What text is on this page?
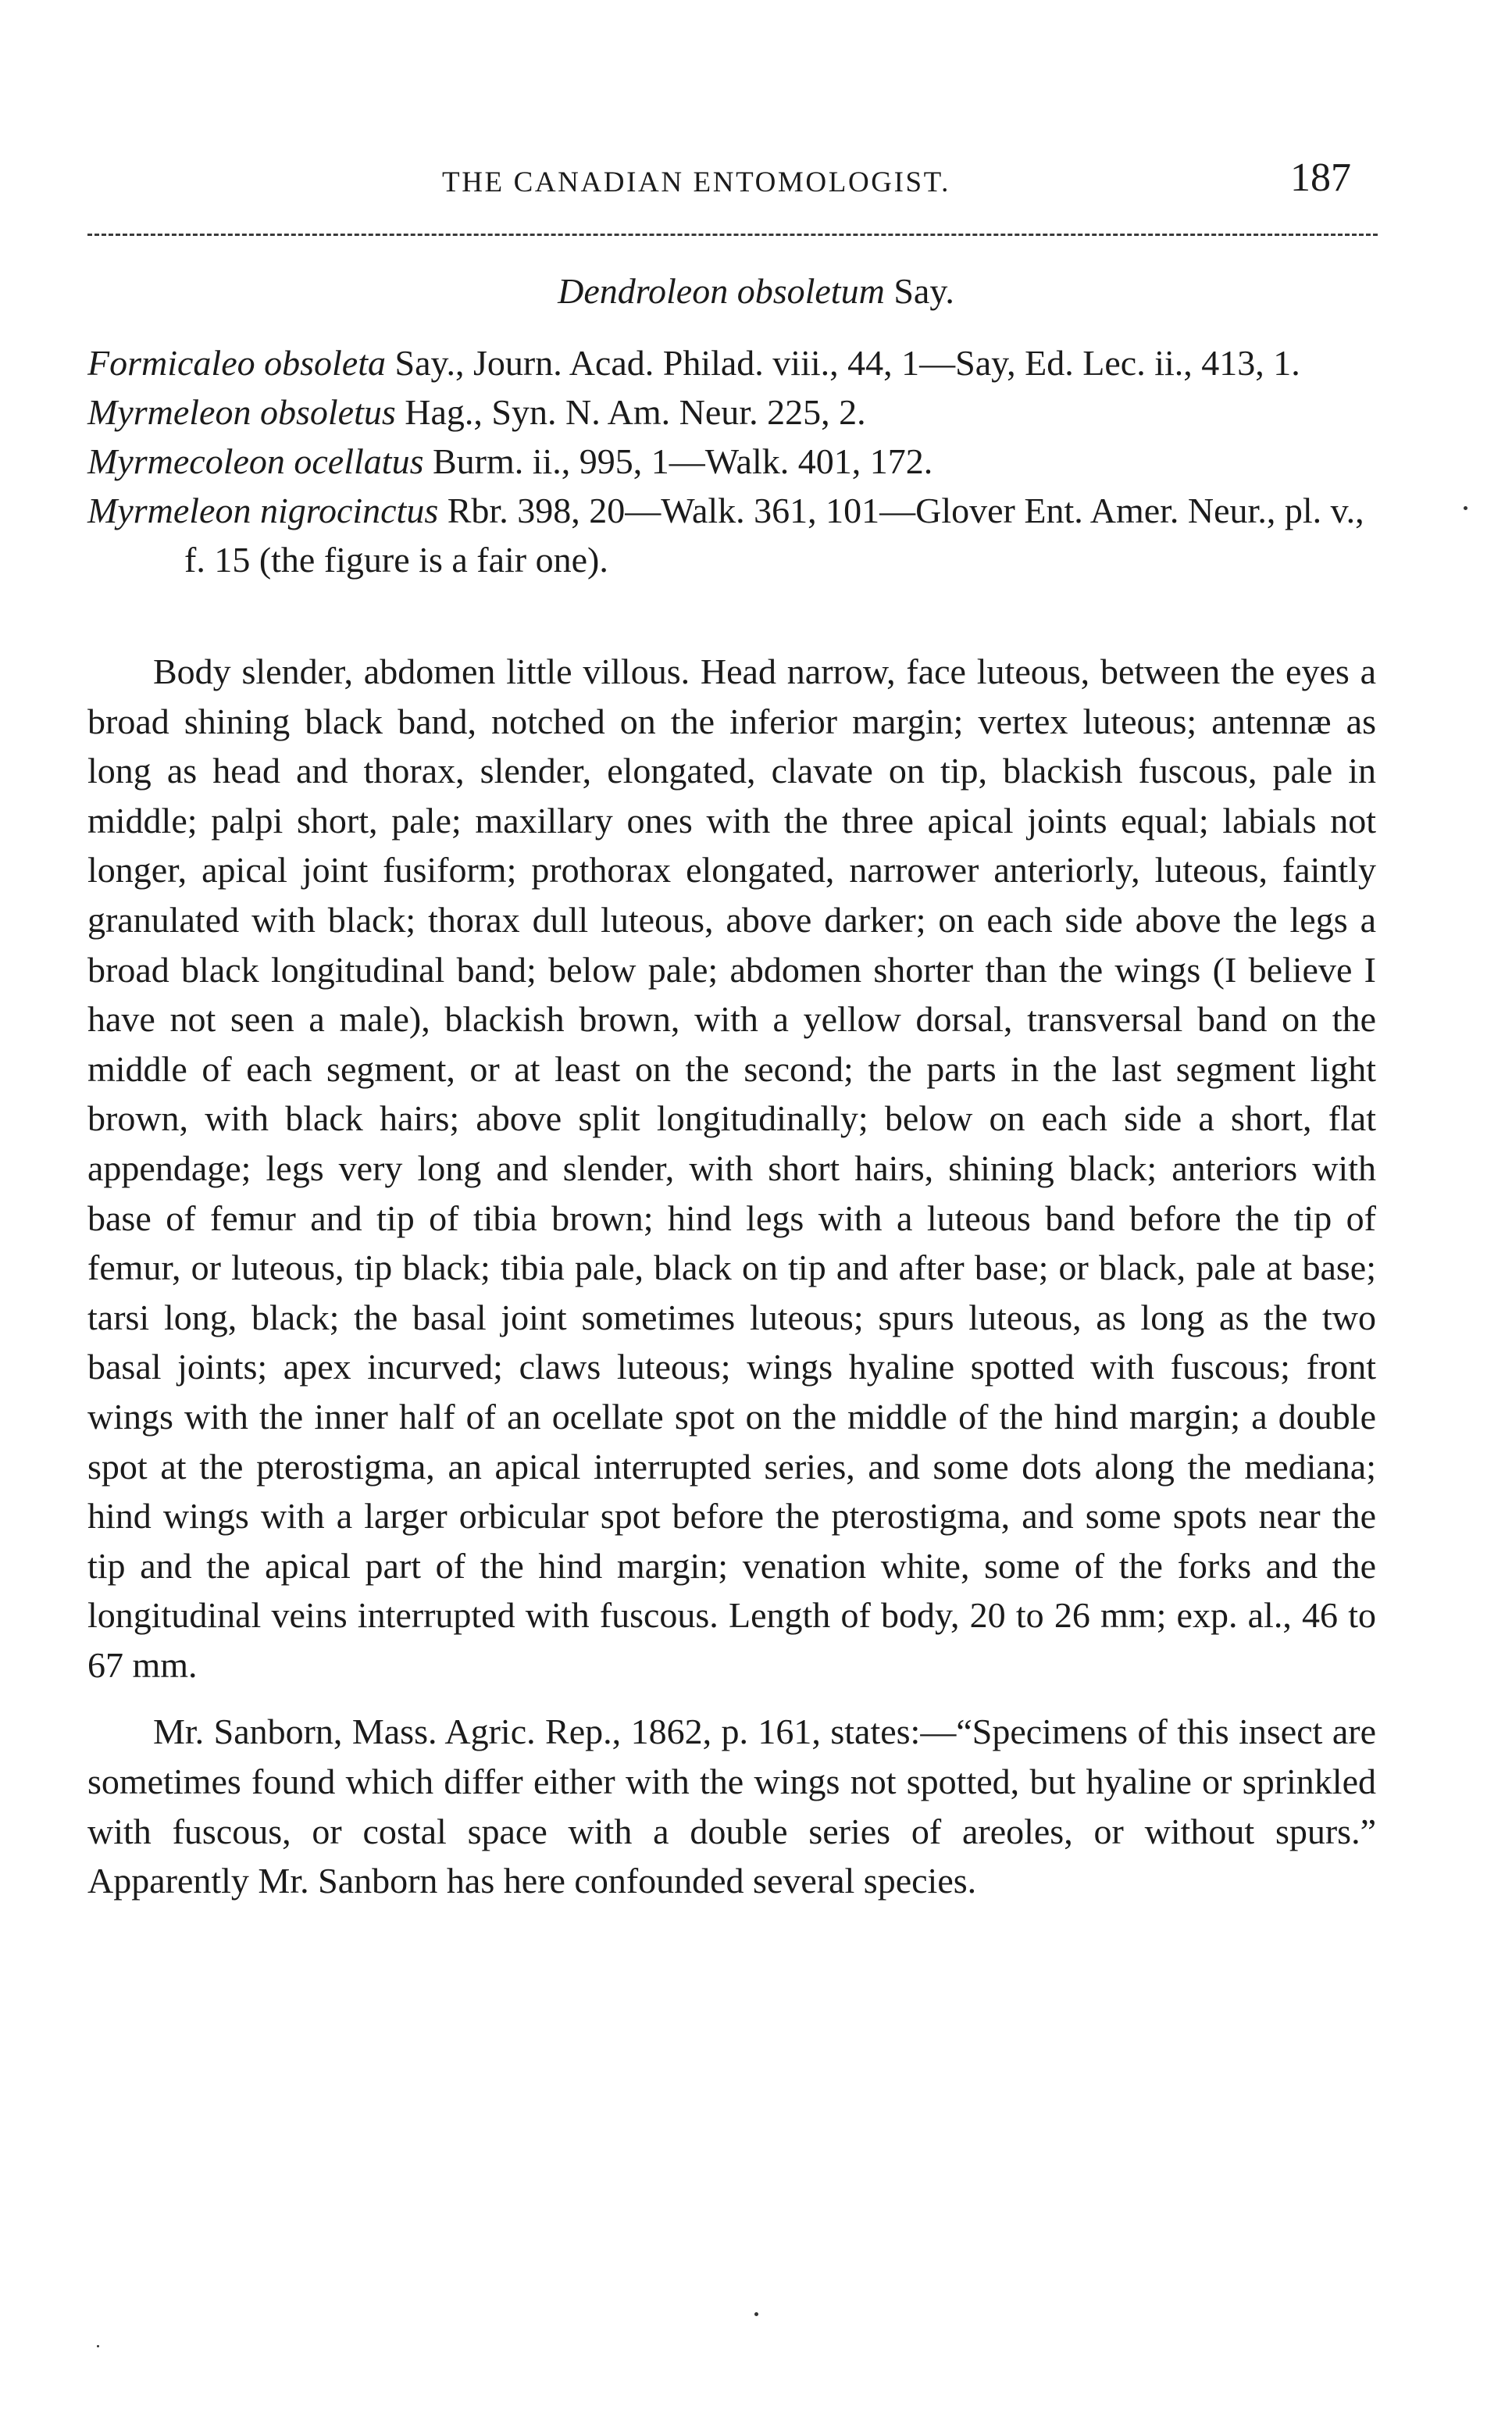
THE CANADIAN ENTOMOLOGIST.	187
Dendroleon obsoletum Say.
Formicaleo obsoleta Say., Journ. Acad. Philad. viii., 44, 1—Say, Ed. Lec. ii., 413, 1.
Myrmeleon obsoletus Hag., Syn. N. Am. Neur. 225, 2.
Myrmecoleon ocellatus Burm. ii., 995, 1—Walk. 401, 172.
Myrmeleon nigrocinctus Rbr. 398, 20—Walk. 361, 101—Glover Ent. Amer. Neur., pl. v., f. 15 (the figure is a fair one).

Body slender, abdomen little villous. Head narrow, face luteous, between the eyes a broad shining black band, notched on the inferior margin; vertex luteous; antennæ as long as head and thorax, slender, elongated, clavate on tip, blackish fuscous, pale in middle; palpi short, pale; maxillary ones with the three apical joints equal; labials not longer, apical joint fusiform; prothorax elongated, narrower anteriorly, luteous, faintly granulated with black; thorax dull luteous, above darker; on each side above the legs a broad black longitudinal band; below pale; abdomen shorter than the wings (I believe I have not seen a male), blackish brown, with a yellow dorsal, transversal band on the middle of each segment, or at least on the second; the parts in the last segment light brown, with black hairs; above split longitudinally; below on each side a short, flat appendage; legs very long and slender, with short hairs, shining black; anteriors with base of femur and tip of tibia brown; hind legs with a luteous band before the tip of femur, or luteous, tip black; tibia pale, black on tip and after base; or black, pale at base; tarsi long, black; the basal joint sometimes luteous; spurs luteous, as long as the two basal joints; apex incurved; claws luteous; wings hyaline spotted with fuscous; front wings with the inner half of an ocellate spot on the middle of the hind margin; a double spot at the pterostigma, an apical interrupted series, and some dots along the mediana; hind wings with a larger orbicular spot before the pterostigma, and some spots near the tip and the apical part of the hind margin; venation white, some of the forks and the longitudinal veins interrupted with fuscous. Length of body, 20 to 26 mm; exp. al., 46 to 67 mm.

Mr. Sanborn, Mass. Agric. Rep., 1862, p. 161, states:—“Specimens of this insect are sometimes found which differ either with the wings not spotted, but hyaline or sprinkled with fuscous, or costal space with a double series of areoles, or without spurs.” Apparently Mr. Sanborn has here confounded several species.
